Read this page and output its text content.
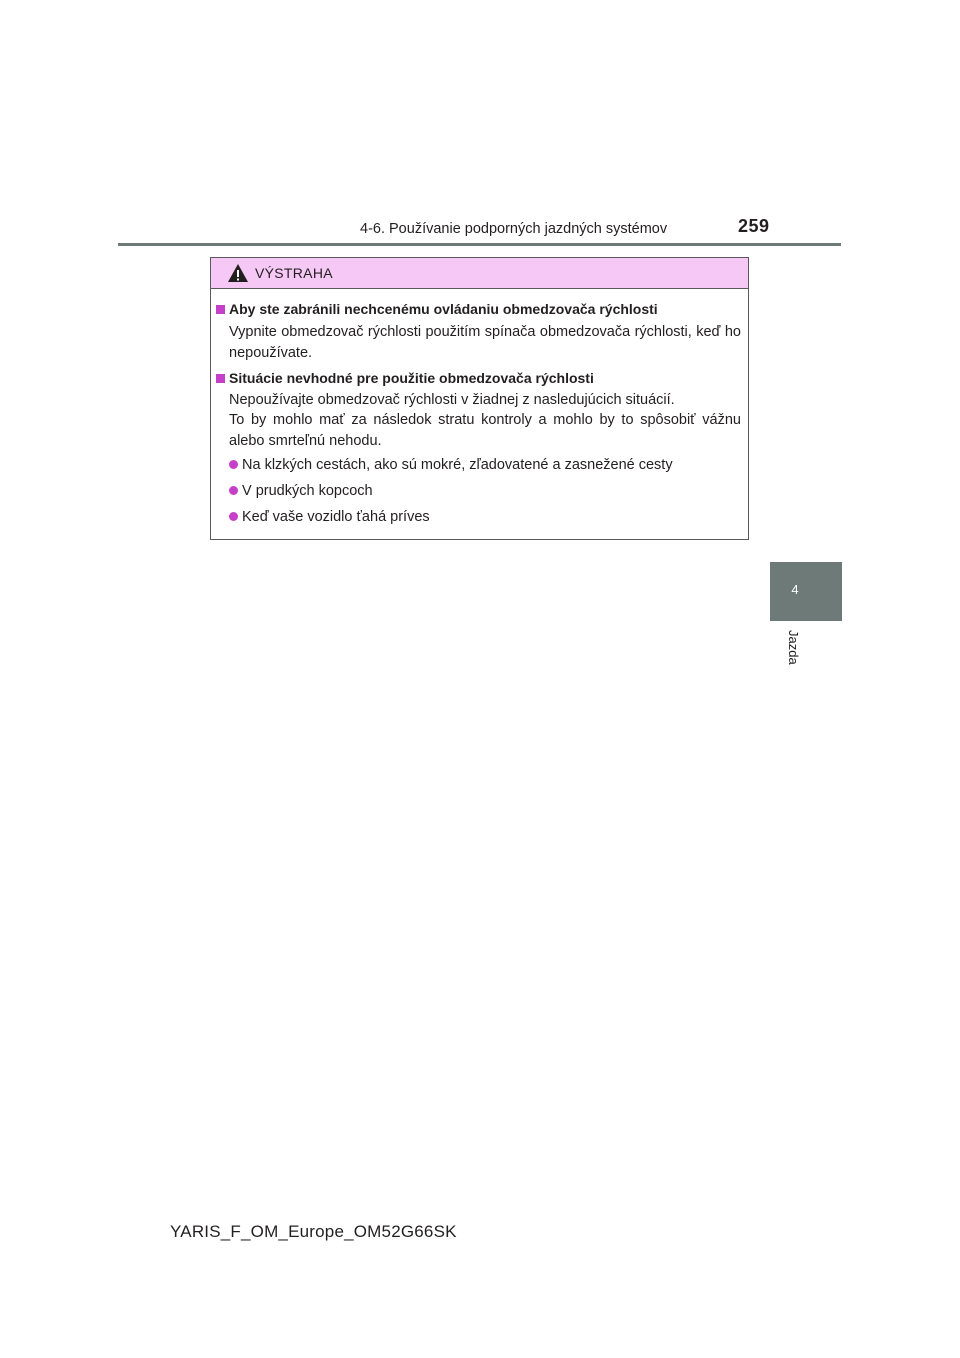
4-6. Používanie podporných jazdných systémov	259
4
Jazda
VÝSTRAHA
Aby ste zabránili nechcenému ovládaniu obmedzovača rýchlosti
Vypnite obmedzovač rýchlosti použitím spínača obmedzovača rýchlosti, keď ho nepoužívate.
Situácie nevhodné pre použitie obmedzovača rýchlosti
Nepoužívajte obmedzovač rýchlosti v žiadnej z nasledujúcich situácií.
To by mohlo mať za následok stratu kontroly a mohlo by to spôsobiť vážnu alebo smrteľnú nehodu.
Na klzkých cestách, ako sú mokré, zľadovatené a zasnežené cesty
V prudkých kopcoch
Keď vaše vozidlo ťahá príves
YARIS_F_OM_Europe_OM52G66SK
